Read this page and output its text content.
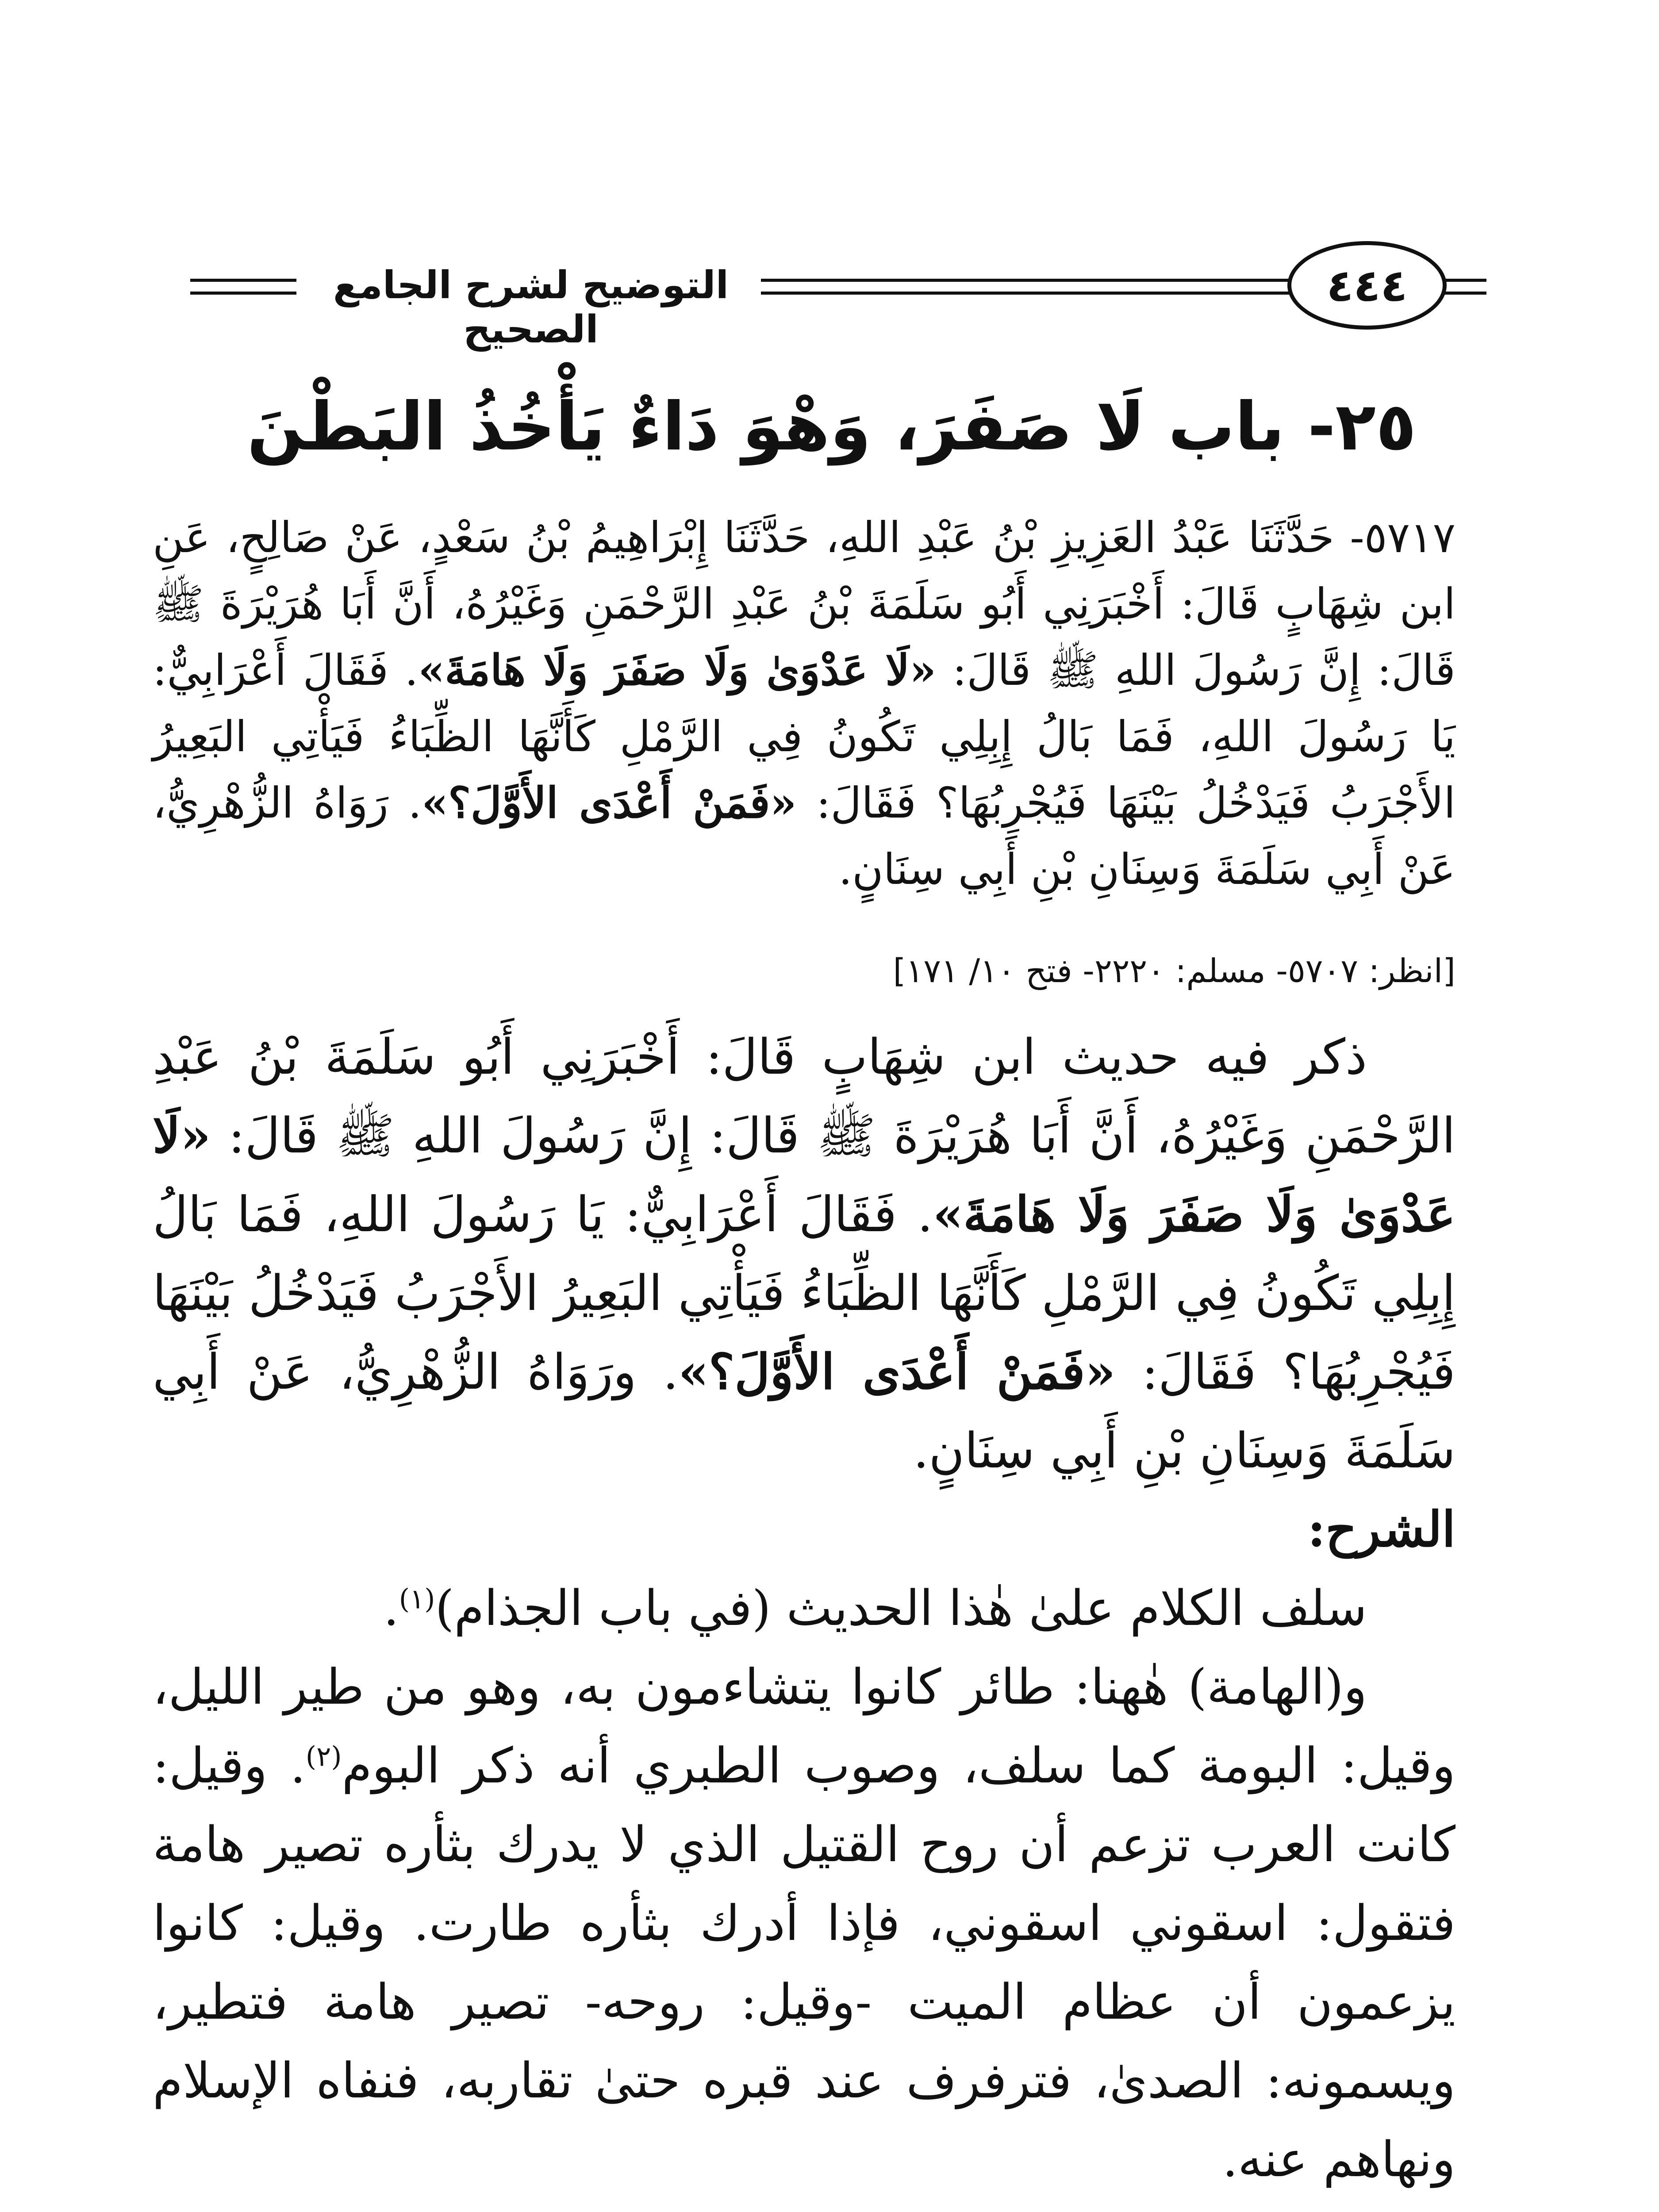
التوضيح لشرح الجامع الصحيح
٤٤٤
٢٥- باب لَا صَفَرَ، وَهْوَ دَاءٌ يَأْخُذُ البَطْنَ
٥٧١٧- حَدَّثَنَا عَبْدُ العَزِيزِ بْنُ عَبْدِ اللهِ، حَدَّثَنَا إِبْرَاهِيمُ بْنُ سَعْدٍ، عَنْ صَالِحٍ، عَنِ ابن شِهَابٍ قَالَ: أَخْبَرَنِي أَبُو سَلَمَةَ بْنُ عَبْدِ الرَّحْمَنِ وَغَيْرُهُ، أَنَّ أَبَا هُرَيْرَةَ ﷺ قَالَ: إِنَّ رَسُولَ اللهِ ﷺ قَالَ: «لَا عَدْوَىٰ وَلَا صَفَرَ وَلَا هَامَةَ». فَقَالَ أَعْرَابِيٌّ: يَا رَسُولَ اللهِ، فَمَا بَالُ إِبِلِي تَكُونُ فِي الرَّمْلِ كَأَنَّهَا الظِّبَاءُ فَيَأْتِي البَعِيرُ الأَجْرَبُ فَيَدْخُلُ بَيْنَهَا فَيُجْرِبُهَا؟ فَقَالَ: «فَمَنْ أَعْدَى الأَوَّلَ؟». رَوَاهُ الزُّهْرِيُّ، عَنْ أَبِي سَلَمَةَ وَسِنَانِ بْنِ أَبِي سِنَانٍ.
[انظر: ٥٧٠٧- مسلم: ٢٢٢٠- فتح ١٠/ ١٧١]

ذكر فيه حديث ابن شِهَابٍ قَالَ: أَخْبَرَنِي أَبُو سَلَمَةَ بْنُ عَبْدِ الرَّحْمَنِ وَغَيْرُهُ، أَنَّ أَبَا هُرَيْرَةَ ﷺ قَالَ: إِنَّ رَسُولَ اللهِ ﷺ قَالَ: «لَا عَدْوَىٰ وَلَا صَفَرَ وَلَا هَامَةَ». فَقَالَ أَعْرَابِيٌّ: يَا رَسُولَ اللهِ، فَمَا بَالُ إِبِلِي تَكُونُ فِي الرَّمْلِ كَأَنَّهَا الظِّبَاءُ فَيَأْتِي البَعِيرُ الأَجْرَبُ فَيَدْخُلُ بَيْنَهَا فَيُجْرِبُهَا؟ فَقَالَ: «فَمَنْ أَعْدَى الأَوَّلَ؟». ورَوَاهُ الزُّهْرِيُّ، عَنْ أَبِي سَلَمَةَ وَسِنَانِ بْنِ أَبِي سِنَانٍ.

الشرح:

سلف الكلام علىٰ هٰذا الحديث (في باب الجذام)$^{(١)}$.

و(الهامة) هٰهنا: طائر كانوا يتشاءمون به، وهو من طير الليل، وقيل: البومة كما سلف، وصوب الطبري أنه ذكر البوم$^{(٢)}$. وقيل: كانت العرب تزعم أن روح القتيل الذي لا يدرك بثأره تصير هامة فتقول: اسقوني اسقوني، فإذا أدرك بثأره طارت. وقيل: كانوا يزعمون أن عظام الميت -وقيل: روحه- تصير هامة فتطير، ويسمونه: الصدىٰ، فترفرف عند قبره حتىٰ تقاربه، فنفاه الإسلام ونهاهم عنه.
